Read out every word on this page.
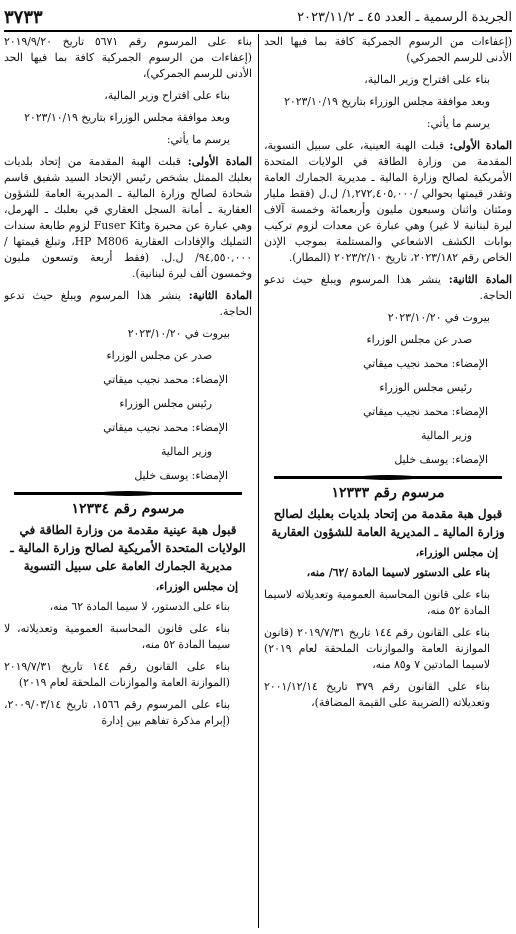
الجريدة الرسمية ـ العدد ٤٥ ـ ٢٠٢٣/١١/٢
٣٧٣٣

(إعفاءات من الرسوم الجمركية كافة بما فيها الحد الأدنى للرسم الجمركي)

بناء على اقتراح وزير المالية،

وبعد موافقة مجلس الوزراء بتاريخ ٢٠٢٣/١٠/١٩

يرسم ما يأتي:

المادة الأولى: قبلت الهبة العينية، على سبيل التسوية، المقدمة من وزارة الطاقة في الولايات المتحدة الأمريكية لصالح وزارة المالية ـ مديرية الجمارك العامة وتقدر قيمتها بحوالي /١,٢٧٢,٤٠٥,٠٠٠/ ل.ل (فقط مليار ومئتان واثنان وسبعون مليون وأربعمائة وخمسة آلاف ليرة لبنانية لا غير) وهي عبارة عن معدات لزوم تركيب بوابات الكشف الاشعاعي والمستلمة بموجب الإذن الخاص رقم ٢٠٢٣/١٨٢، تاريخ ٢٠٢٣/٢/١٠ (المطار).

المادة الثانية: ينشر هذا المرسوم ويبلغ حيث تدعو الحاجة.

بيروت في ٢٠٢٣/١٠/٢٠

صدر عن مجلس الوزراء

الإمضاء: محمد نجيب ميقاتي

رئيس مجلس الوزراء

الإمضاء: محمد نجيب ميقاتي

وزير المالية

الإمضاء: يوسف خليل

مرسوم رقم ١٢٣٣٣
قبول هبة مقدمة من إتحاد بلديات بعلبك لصالح وزارة المالية ـ المديرية العامة للشؤون العقارية

إن مجلس الوزراء،

بناء على الدستور لاسيما المادة /٦٢/ منه،

بناء على قانون المحاسبة العمومية وتعديلاته لاسيما المادة ٥٢ منه،

بناء على القانون رقم ١٤٤ تاريخ ٢٠١٩/٧/٣١ (قانون الموازنة العامة والموازنات الملحقة لعام ٢٠١٩) لاسيما المادتين ٧ و٨٥ منه،

بناء على القانون رقم ٣٧٩ تاريخ ٢٠٠١/١٢/١٤ وتعديلاته (الضريبة على القيمة المضافة)،

بناء على المرسوم رقم ٥٦٧١ تاريخ ٢٠١٩/٩/٢٠ (إعفاءات من الرسوم الجمركية كافة بما فيها الحد الأدنى للرسم الجمركي)،

بناء على اقتراح وزير المالية،

وبعد موافقة مجلس الوزراء بتاريخ ٢٠٢٣/١٠/١٩

يرسم ما يأتي:

المادة الأولى: قبلت الهبة المقدمة من إتحاد بلديات بعلبك الممثل بشخص رئيس الإتحاد السيد شفيق قاسم شحادة لصالح وزارة المالية ـ المديرية العامة للشؤون العقارية ـ أمانة السجل العقاري في بعلبك ـ الهرمل، وهي عبارة عن محبرة وFuser Kit لزوم طابعة سندات التمليك والإفادات العقارية HP M806، وتبلغ قيمتها /٩٤,٥٥٠,٠٠٠/ ل.ل. (فقط أربعة وتسعون مليون وخمسون ألف ليرة لبنانية).

المادة الثانية: ينشر هذا المرسوم ويبلغ حيث تدعو الحاجة.

بيروت في ٢٠٢٣/١٠/٢٠

صدر عن مجلس الوزراء

الإمضاء: محمد نجيب ميقاتي

رئيس مجلس الوزراء

الإمضاء: محمد نجيب ميقاتي

وزير المالية

الإمضاء: يوسف خليل

مرسوم رقم ١٢٣٣٤
قبول هبة عينية مقدمة من وزارة الطاقة في الولايات المتحدة الأمريكية لصالح وزارة المالية ـ مديرية الجمارك العامة على سبيل التسوية

إن مجلس الوزراء،

بناء على الدستور، لا سيما المادة ٦٢ منه،

بناء على قانون المحاسبة العمومية وتعديلاته، لا سيما المادة ٥٢ منه،

بناء على القانون رقم ١٤٤ تاريخ ٢٠١٩/٧/٣١ (الموازنة العامة والموازنات الملحقة لعام ٢٠١٩)

بناء على المرسوم رقم ١٥٦٦، تاريخ ٢٠٠٩/٠٣/١٤، (إبرام مذكرة تفاهم بين إدارة
